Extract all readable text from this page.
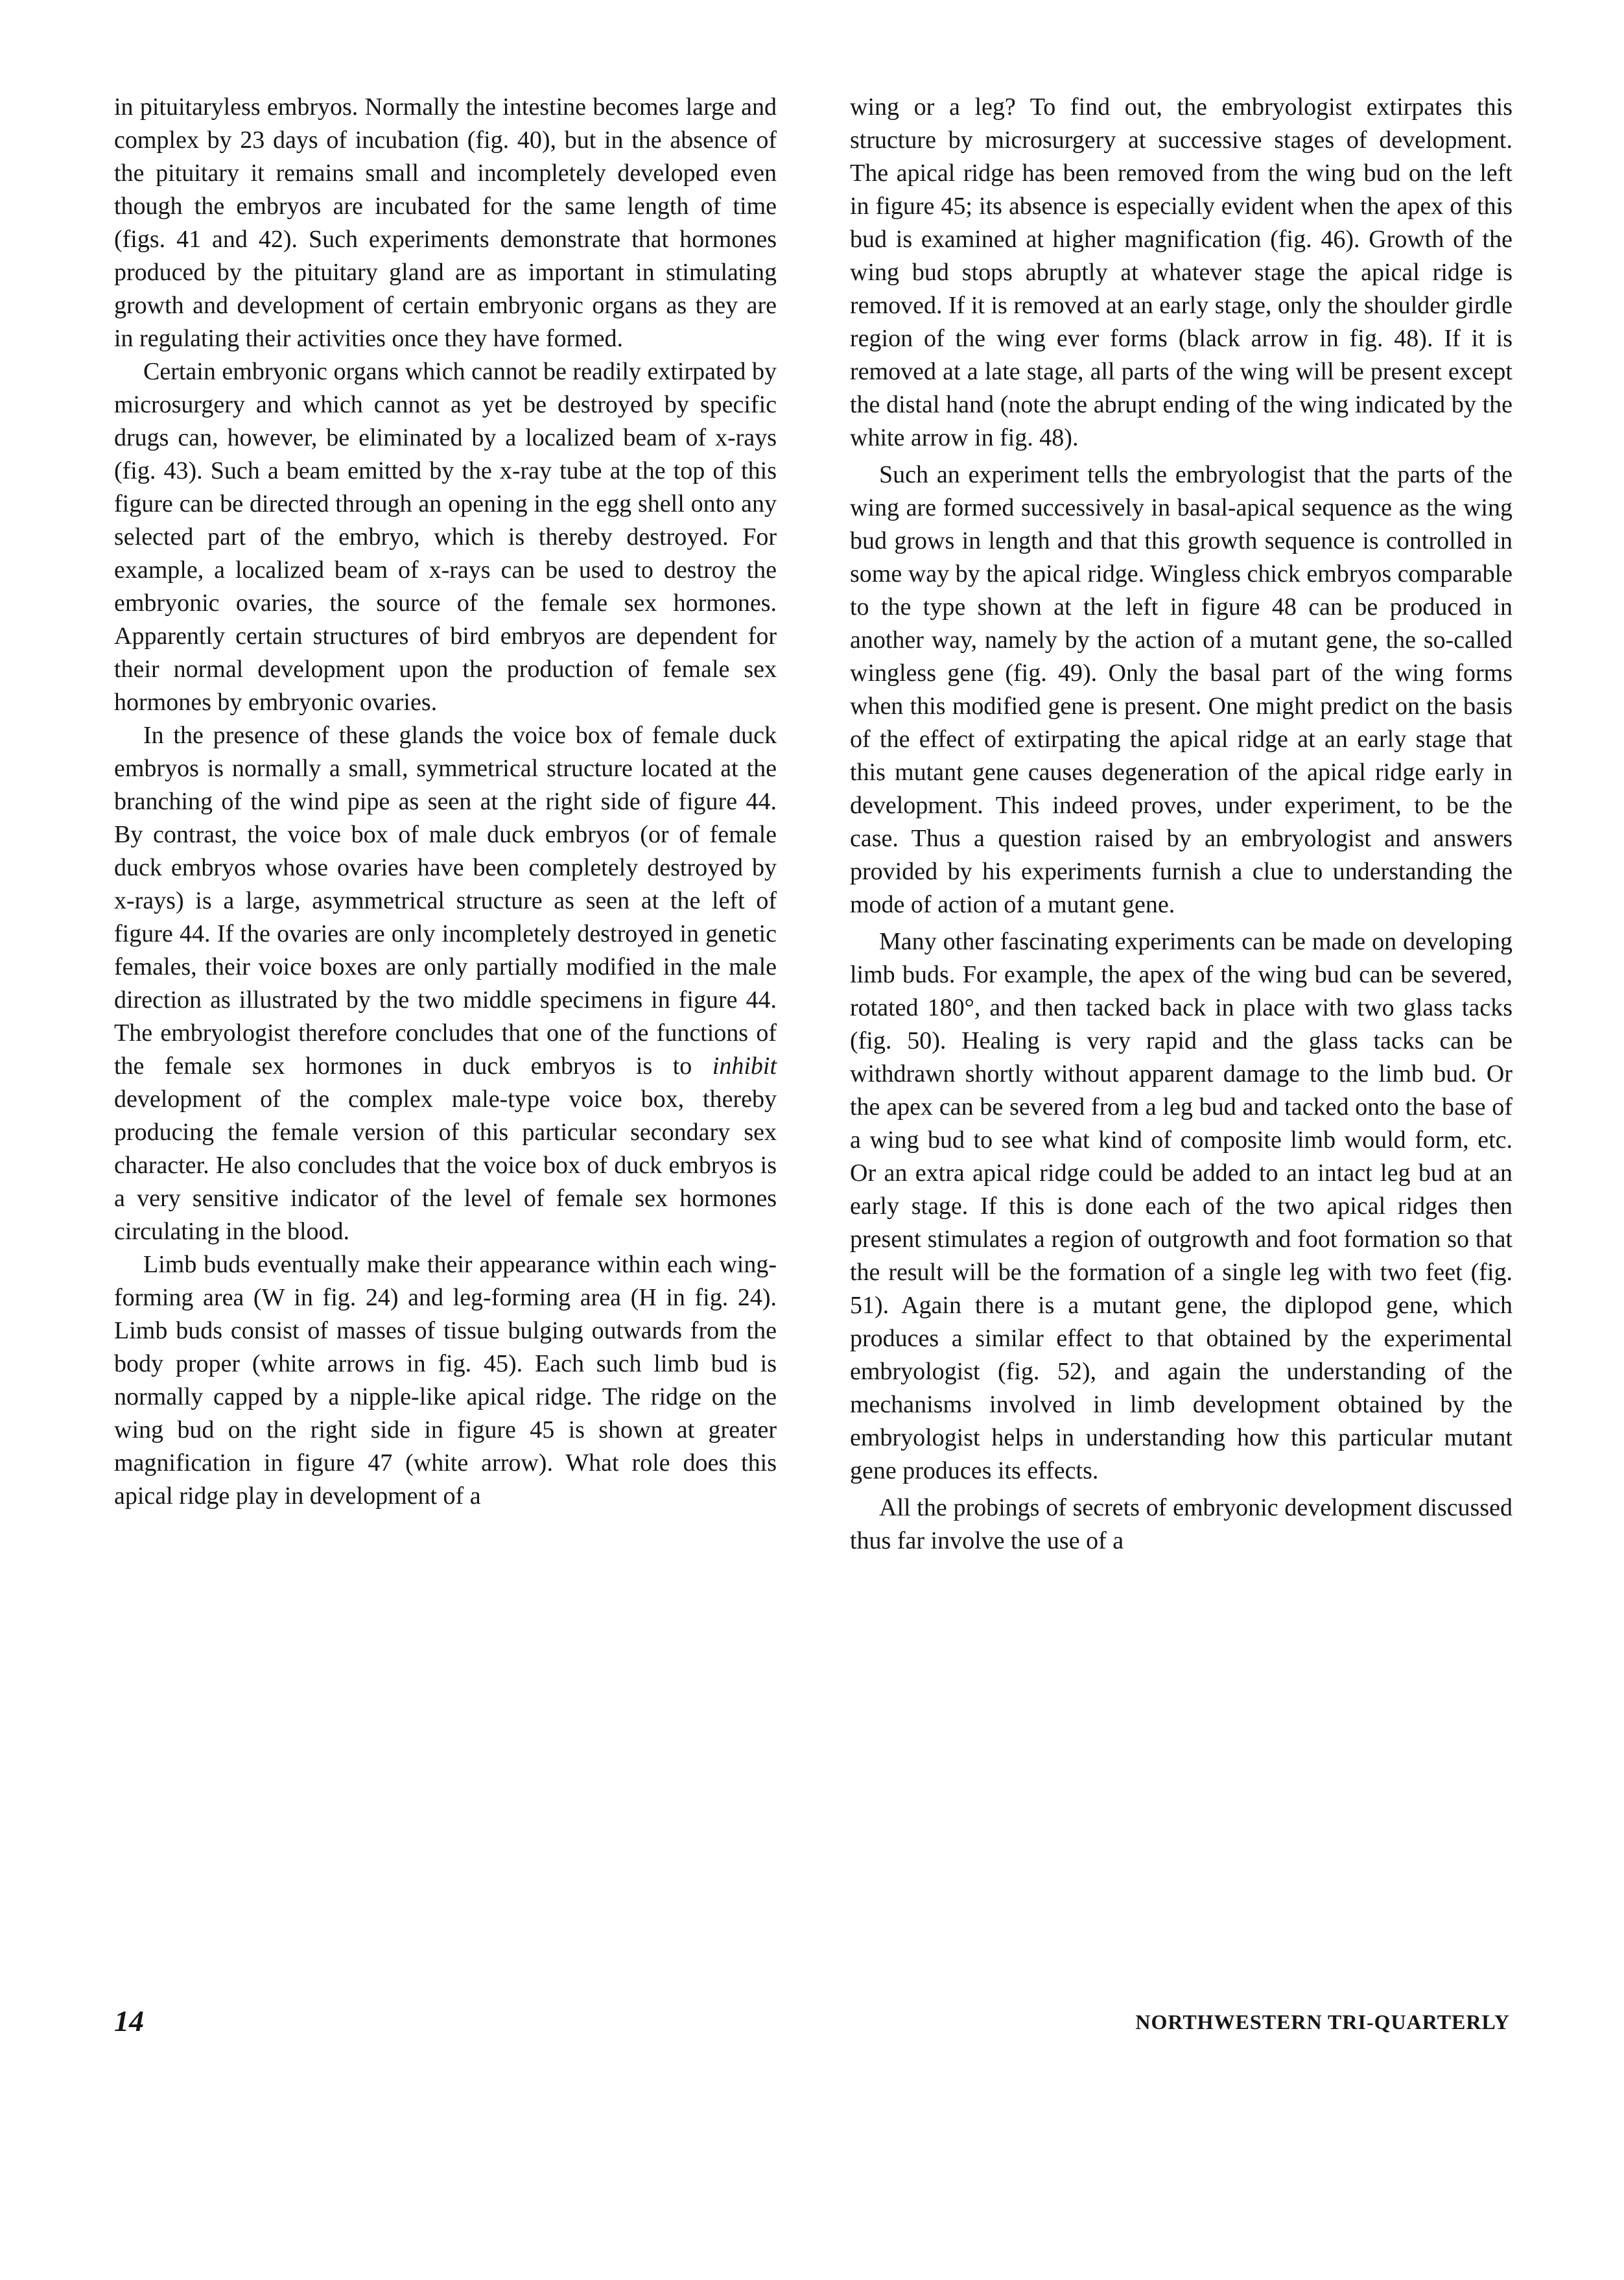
in pituitaryless embryos. Normally the intestine becomes large and complex by 23 days of incubation (fig. 40), but in the absence of the pituitary it remains small and incompletely developed even though the embryos are incubated for the same length of time (figs. 41 and 42). Such experiments demonstrate that hormones produced by the pituitary gland are as important in stimulating growth and development of certain embryonic organs as they are in regulating their activities once they have formed.

Certain embryonic organs which cannot be readily extirpated by microsurgery and which cannot as yet be destroyed by specific drugs can, however, be eliminated by a localized beam of x-rays (fig. 43). Such a beam emitted by the x-ray tube at the top of this figure can be directed through an opening in the egg shell onto any selected part of the embryo, which is thereby destroyed. For example, a localized beam of x-rays can be used to destroy the embryonic ovaries, the source of the female sex hormones. Apparently certain structures of bird embryos are dependent for their normal development upon the production of female sex hormones by embryonic ovaries.

In the presence of these glands the voice box of female duck embryos is normally a small, symmetrical structure located at the branching of the wind pipe as seen at the right side of figure 44. By contrast, the voice box of male duck embryos (or of female duck embryos whose ovaries have been completely destroyed by x-rays) is a large, asymmetrical structure as seen at the left of figure 44. If the ovaries are only incompletely destroyed in genetic females, their voice boxes are only partially modified in the male direction as illustrated by the two middle specimens in figure 44. The embryologist therefore concludes that one of the functions of the female sex hormones in duck embryos is to inhibit development of the complex male-type voice box, thereby producing the female version of this particular secondary sex character. He also concludes that the voice box of duck embryos is a very sensitive indicator of the level of female sex hormones circulating in the blood.

Limb buds eventually make their appearance within each wing-forming area (W in fig. 24) and leg-forming area (H in fig. 24). Limb buds consist of masses of tissue bulging outwards from the body proper (white arrows in fig. 45). Each such limb bud is normally capped by a nipple-like apical ridge. The ridge on the wing bud on the right side in figure 45 is shown at greater magnification in figure 47 (white arrow). What role does this apical ridge play in development of a

wing or a leg? To find out, the embryologist extirpates this structure by microsurgery at successive stages of development. The apical ridge has been removed from the wing bud on the left in figure 45; its absence is especially evident when the apex of this bud is examined at higher magnification (fig. 46). Growth of the wing bud stops abruptly at whatever stage the apical ridge is removed. If it is removed at an early stage, only the shoulder girdle region of the wing ever forms (black arrow in fig. 48). If it is removed at a late stage, all parts of the wing will be present except the distal hand (note the abrupt ending of the wing indicated by the white arrow in fig. 48).

Such an experiment tells the embryologist that the parts of the wing are formed successively in basal-apical sequence as the wing bud grows in length and that this growth sequence is controlled in some way by the apical ridge. Wingless chick embryos comparable to the type shown at the left in figure 48 can be produced in another way, namely by the action of a mutant gene, the so-called wingless gene (fig. 49). Only the basal part of the wing forms when this modified gene is present. One might predict on the basis of the effect of extirpating the apical ridge at an early stage that this mutant gene causes degeneration of the apical ridge early in development. This indeed proves, under experiment, to be the case. Thus a question raised by an embryologist and answers provided by his experiments furnish a clue to understanding the mode of action of a mutant gene.

Many other fascinating experiments can be made on developing limb buds. For example, the apex of the wing bud can be severed, rotated 180°, and then tacked back in place with two glass tacks (fig. 50). Healing is very rapid and the glass tacks can be withdrawn shortly without apparent damage to the limb bud. Or the apex can be severed from a leg bud and tacked onto the base of a wing bud to see what kind of composite limb would form, etc. Or an extra apical ridge could be added to an intact leg bud at an early stage. If this is done each of the two apical ridges then present stimulates a region of outgrowth and foot formation so that the result will be the formation of a single leg with two feet (fig. 51). Again there is a mutant gene, the diplopod gene, which produces a similar effect to that obtained by the experimental embryologist (fig. 52), and again the understanding of the mechanisms involved in limb development obtained by the embryologist helps in understanding how this particular mutant gene produces its effects.

All the probings of secrets of embryonic development discussed thus far involve the use of a

14	NORTHWESTERN TRI-QUARTERLY
